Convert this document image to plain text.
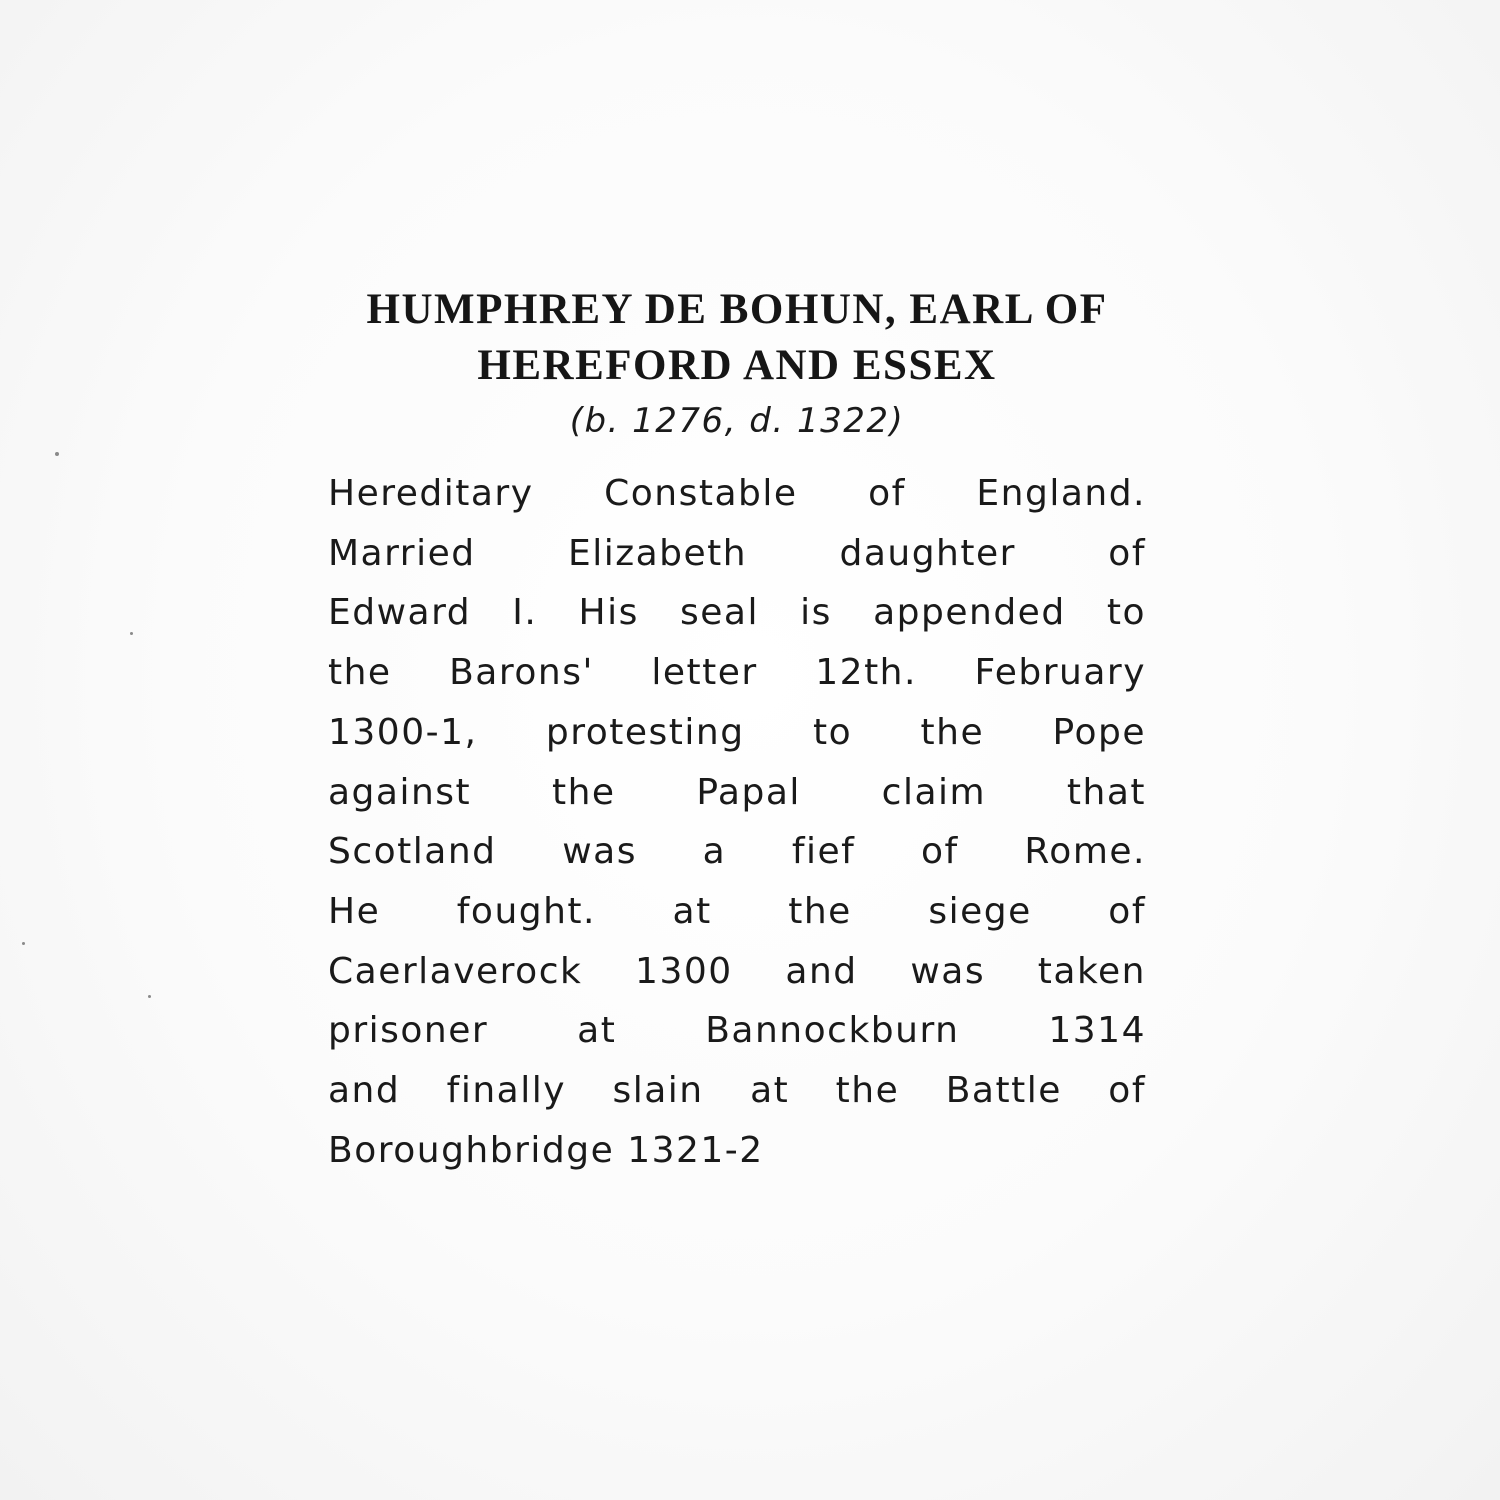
HUMPHREY DE BOHUN, EARL OF
HEREFORD AND ESSEX
(b. 1276, d. 1322)
Hereditary Constable of England.
Married Elizabeth daughter of
Edward I. His seal is appended to
the Barons' letter 12th. February
1300-1, protesting to the Pope
against the Papal claim that
Scotland was a fief of Rome.
He fought. at the siege of
Caerlaverock 1300 and was taken
prisoner at Bannockburn 1314
and finally slain at the Battle of
Boroughbridge 1321-2
